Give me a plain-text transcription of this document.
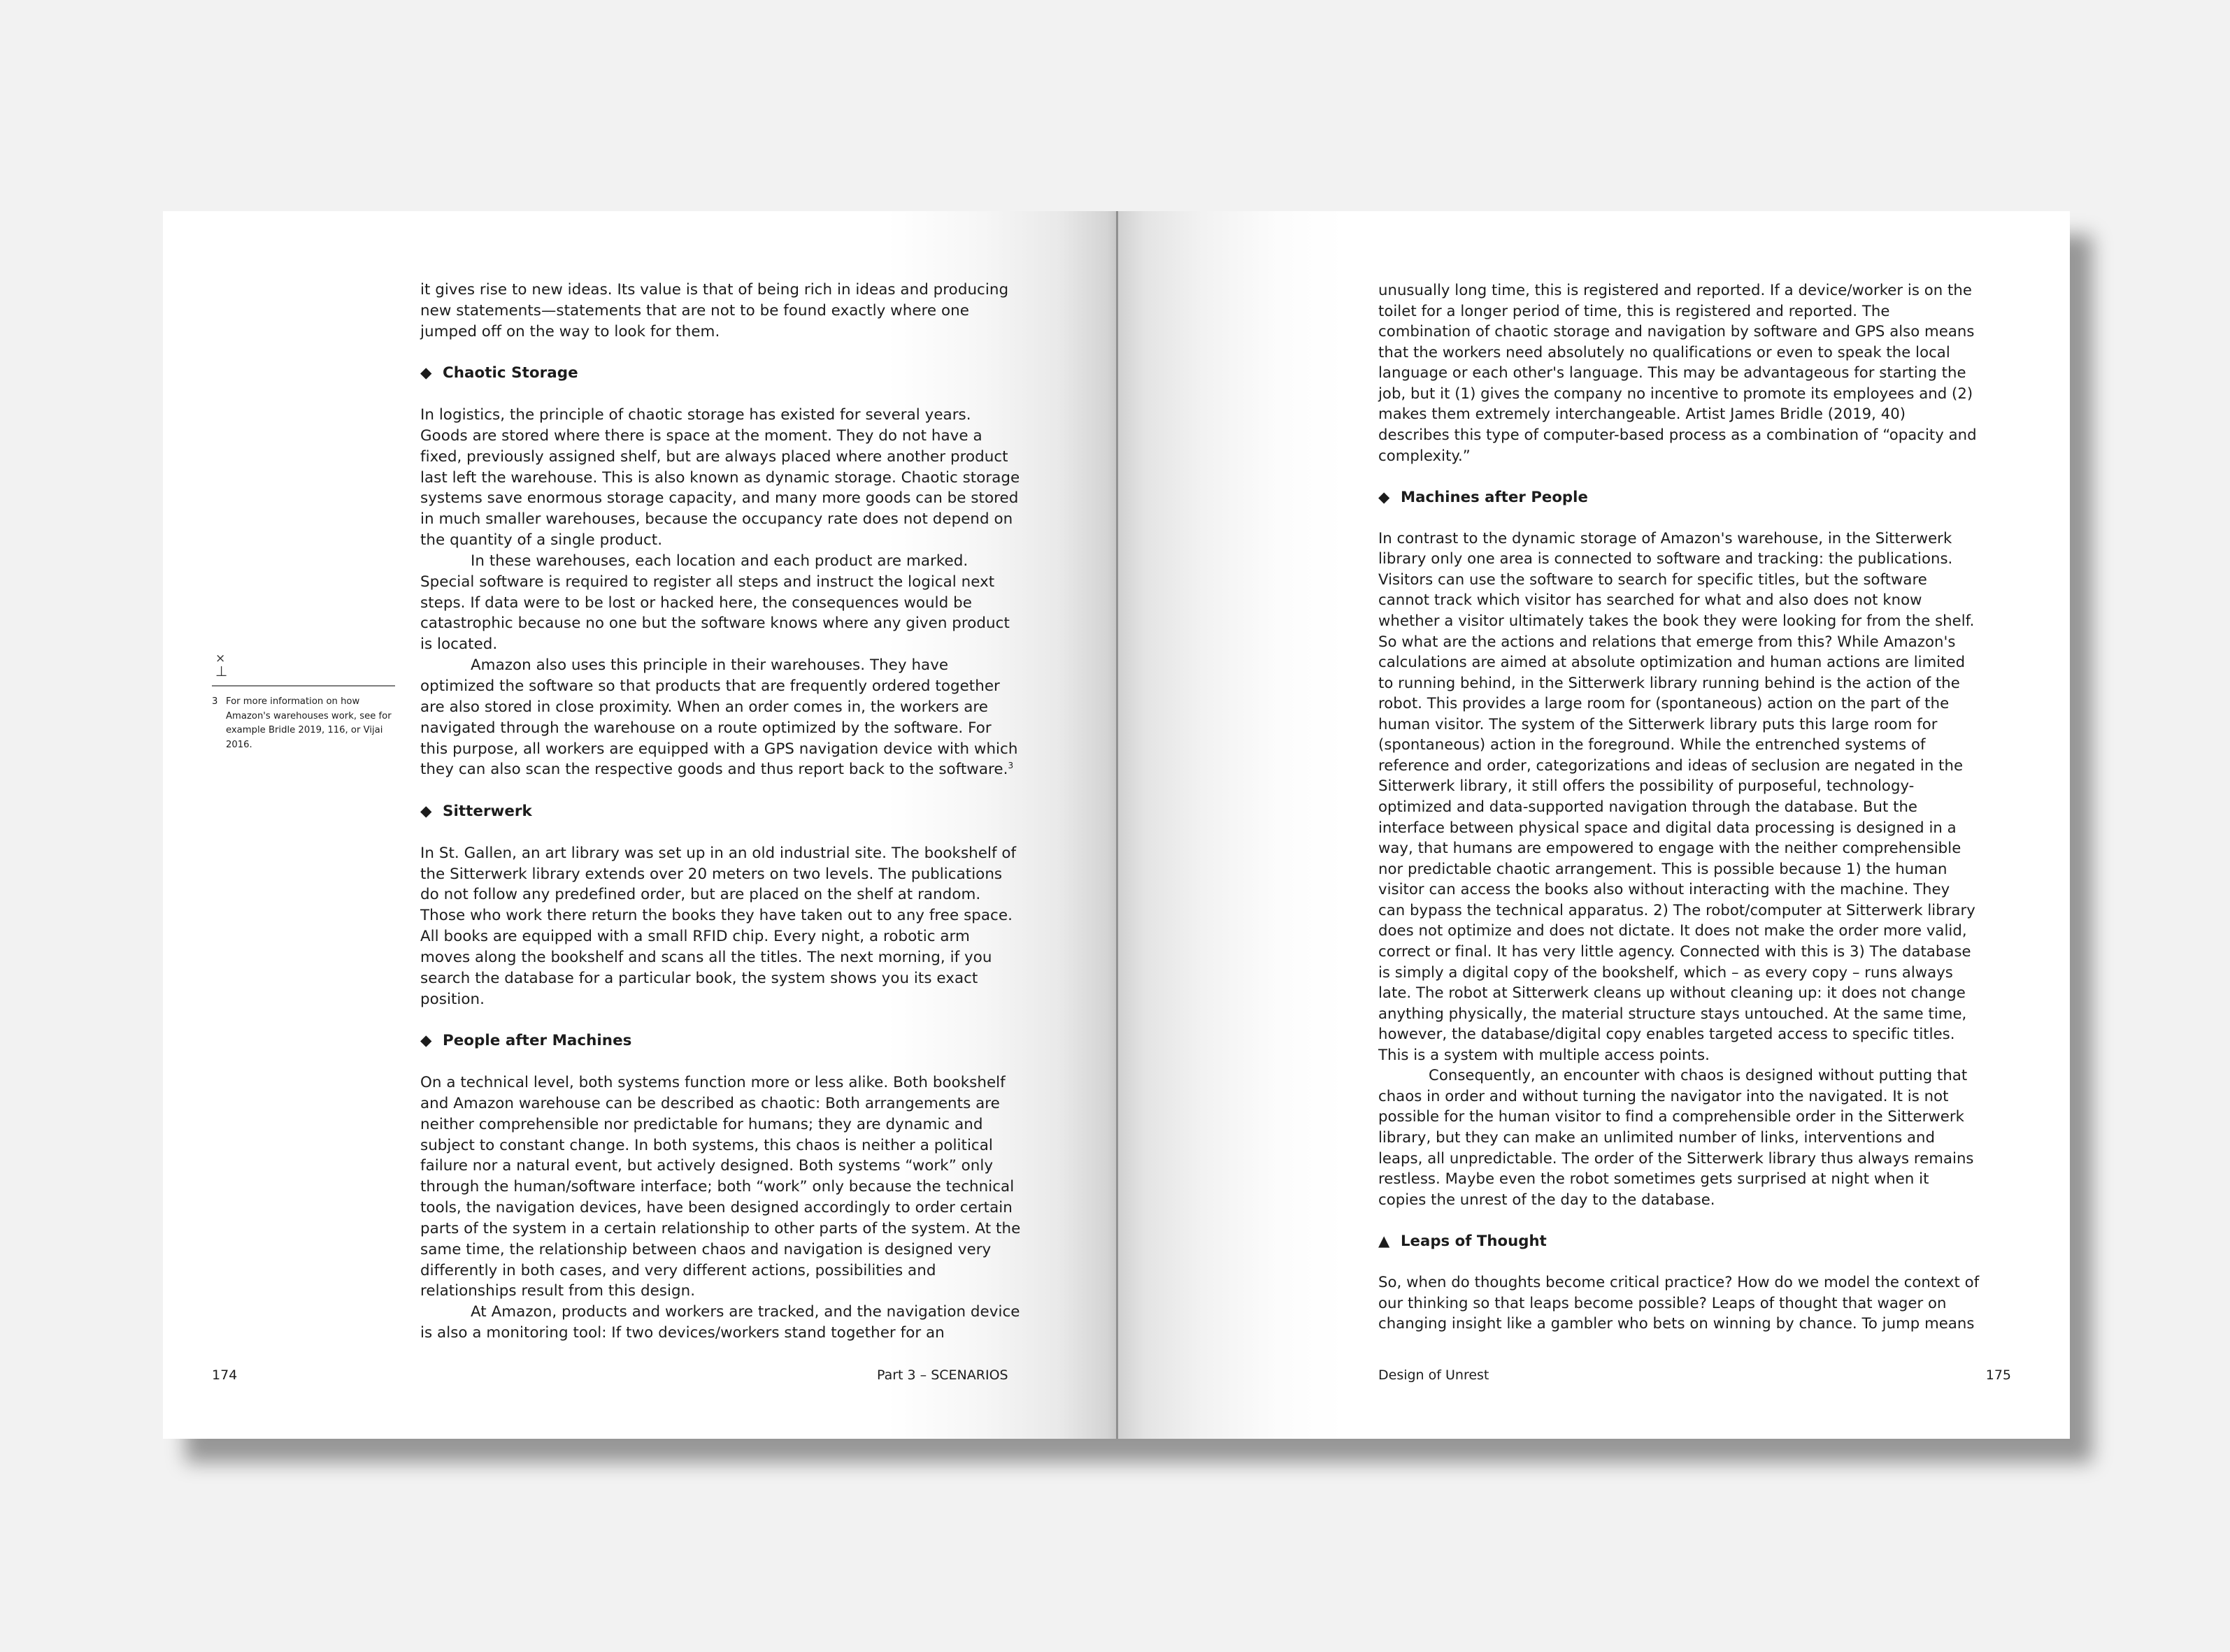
×
⊥
3 For more information on how Amazon's warehouses work, see for example Bridle 2019, 116, or Vijai 2016.

it gives rise to new ideas. Its value is that of being rich in ideas and producing new statements—statements that are not to be found exactly where one jumped off on the way to look for them.

◆ Chaotic Storage

In logistics, the principle of chaotic storage has existed for several years. Goods are stored where there is space at the moment. They do not have a fixed, previously assigned shelf, but are always placed where another product last left the warehouse. This is also known as dynamic storage. Chaotic storage systems save enormous storage capacity, and many more goods can be stored in much smaller warehouses, because the occupancy rate does not depend on the quantity of a single product.

In these warehouses, each location and each product are marked. Special software is required to register all steps and instruct the logical next steps. If data were to be lost or hacked here, the consequences would be catastrophic because no one but the software knows where any given product is located.

Amazon also uses this principle in their warehouses. They have optimized the software so that products that are frequently ordered together are also stored in close proximity. When an order comes in, the workers are navigated through the warehouse on a route optimized by the software. For this purpose, all workers are equipped with a GPS navigation device with which they can also scan the respective goods and thus report back to the software.$^3$

◆ Sitterwerk

In St. Gallen, an art library was set up in an old industrial site. The bookshelf of the Sitterwerk library extends over 20 meters on two levels. The publications do not follow any predefined order, but are placed on the shelf at random. Those who work there return the books they have taken out to any free space. All books are equipped with a small RFID chip. Every night, a robotic arm moves along the bookshelf and scans all the titles. The next morning, if you search the database for a particular book, the system shows you its exact position.

◆ People after Machines

On a technical level, both systems function more or less alike. Both bookshelf and Amazon warehouse can be described as chaotic: Both arrangements are neither comprehensible nor predictable for humans; they are dynamic and subject to constant change. In both systems, this chaos is neither a political failure nor a natural event, but actively designed. Both systems “work” only through the human/software interface; both “work” only because the technical tools, the navigation devices, have been designed accordingly to order certain parts of the system in a certain relationship to other parts of the system. At the same time, the relationship between chaos and navigation is designed very differently in both cases, and very different actions, possibilities and relationships result from this design.

At Amazon, products and workers are tracked, and the navigation device is also a monitoring tool: If two devices/workers stand together for an

174	Part 3 – SCENARIOS

unusually long time, this is registered and reported. If a device/worker is on the toilet for a longer period of time, this is registered and reported. The combination of chaotic storage and navigation by software and GPS also means that the workers need absolutely no qualifications or even to speak the local language or each other's language. This may be advantageous for starting the job, but it (1) gives the company no incentive to promote its employees and (2) makes them extremely interchangeable. Artist James Bridle (2019, 40) describes this type of computer-based process as a combination of “opacity and complexity.”

◆ Machines after People

In contrast to the dynamic storage of Amazon's warehouse, in the Sitterwerk library only one area is connected to software and tracking: the publications. Visitors can use the software to search for specific titles, but the software cannot track which visitor has searched for what and also does not know whether a visitor ultimately takes the book they were looking for from the shelf. So what are the actions and relations that emerge from this? While Amazon's calculations are aimed at absolute optimization and human actions are limited to running behind, in the Sitterwerk library running behind is the action of the robot. This provides a large room for (spontaneous) action on the part of the human visitor. The system of the Sitterwerk library puts this large room for (spontaneous) action in the foreground. While the entrenched systems of reference and order, categorizations and ideas of seclusion are negated in the Sitterwerk library, it still offers the possibility of purposeful, technology-optimized and data-supported navigation through the database. But the interface between physical space and digital data processing is designed in a way, that humans are empowered to engage with the neither comprehensible nor predictable chaotic arrangement. This is possible because 1) the human visitor can access the books also without interacting with the machine. They can bypass the technical apparatus. 2) The robot/computer at Sitterwerk library does not optimize and does not dictate. It does not make the order more valid, correct or final. It has very little agency. Connected with this is 3) The database is simply a digital copy of the bookshelf, which – as every copy – runs always late. The robot at Sitterwerk cleans up without cleaning up: it does not change anything physically, the material structure stays untouched. At the same time, however, the database/digital copy enables targeted access to specific titles. This is a system with multiple access points.

Consequently, an encounter with chaos is designed without putting that chaos in order and without turning the navigator into the navigated. It is not possible for the human visitor to find a comprehensible order in the Sitterwerk library, but they can make an unlimited number of links, interventions and leaps, all unpredictable. The order of the Sitterwerk library thus always remains restless. Maybe even the robot sometimes gets surprised at night when it copies the unrest of the day to the database.

▲ Leaps of Thought

So, when do thoughts become critical practice? How do we model the context of our thinking so that leaps become possible? Leaps of thought that wager on changing insight like a gambler who bets on winning by chance. To jump means

Design of Unrest	175
